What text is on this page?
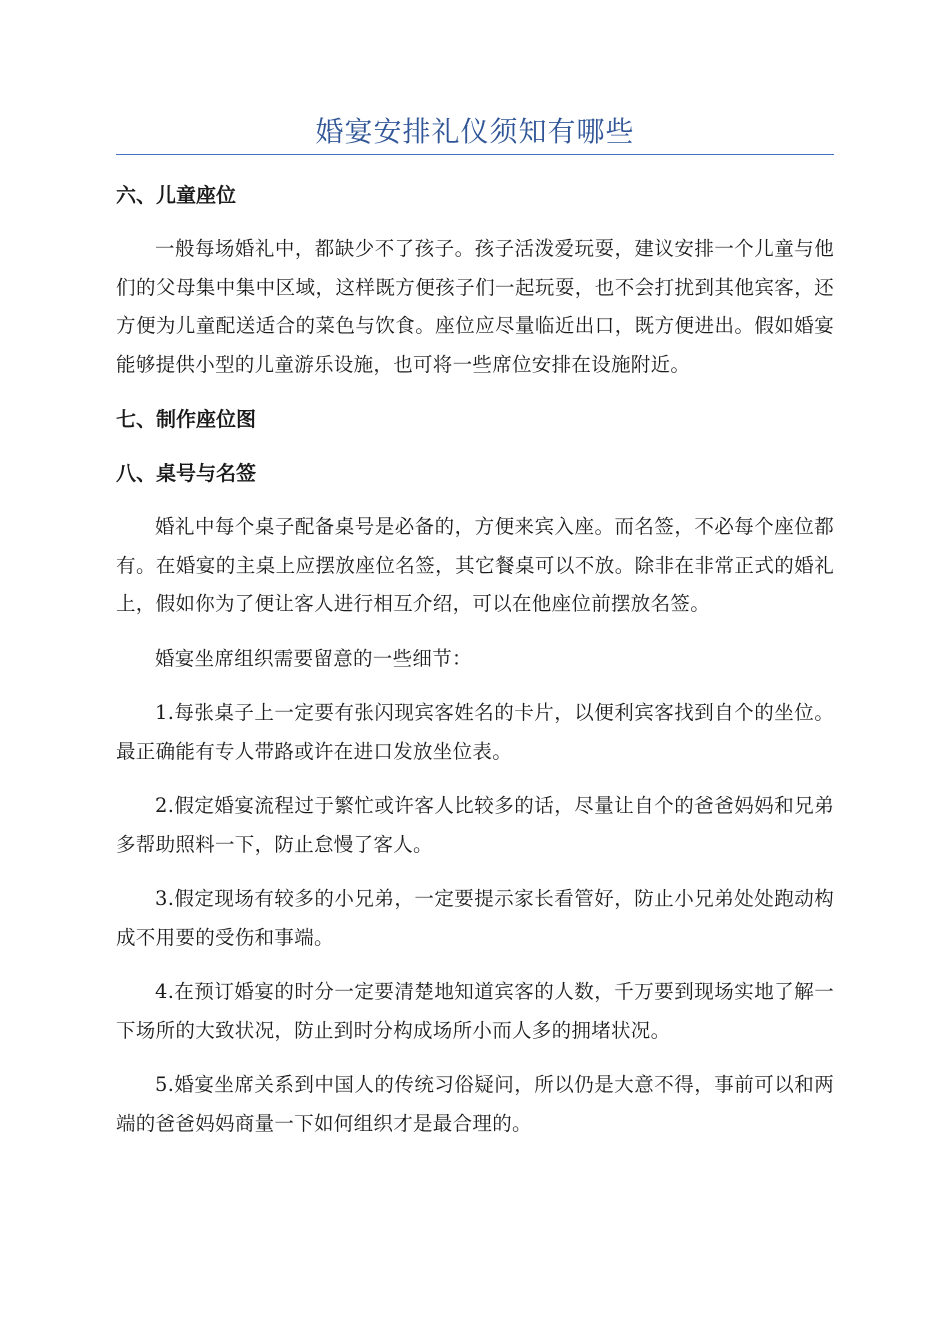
婚宴安排礼仪须知有哪些

六、儿童座位

一般每场婚礼中，都缺少不了孩子。孩子活泼爱玩耍，建议安排一个儿童与他们的父母集中集中区域，这样既方便孩子们一起玩耍，也不会打扰到其他宾客，还方便为儿童配送适合的菜色与饮食。座位应尽量临近出口，既方便进出。假如婚宴能够提供小型的儿童游乐设施，也可将一些席位安排在设施附近。

七、制作座位图

八、桌号与名签

婚礼中每个桌子配备桌号是必备的，方便来宾入座。而名签，不必每个座位都有。在婚宴的主桌上应摆放座位名签，其它餐桌可以不放。除非在非常正式的婚礼上，假如你为了便让客人进行相互介绍，可以在他座位前摆放名签。

婚宴坐席组织需要留意的一些细节：

1.每张桌子上一定要有张闪现宾客姓名的卡片，以便利宾客找到自个的坐位。最正确能有专人带路或许在进口发放坐位表。

2.假定婚宴流程过于繁忙或许客人比较多的话，尽量让自个的爸爸妈妈和兄弟多帮助照料一下，防止怠慢了客人。

3.假定现场有较多的小兄弟，一定要提示家长看管好，防止小兄弟处处跑动构成不用要的受伤和事端。

4.在预订婚宴的时分一定要清楚地知道宾客的人数，千万要到现场实地了解一下场所的大致状况，防止到时分构成场所小而人多的拥堵状况。

5.婚宴坐席关系到中国人的传统习俗疑问，所以仍是大意不得，事前可以和两端的爸爸妈妈商量一下如何组织才是最合理的。
